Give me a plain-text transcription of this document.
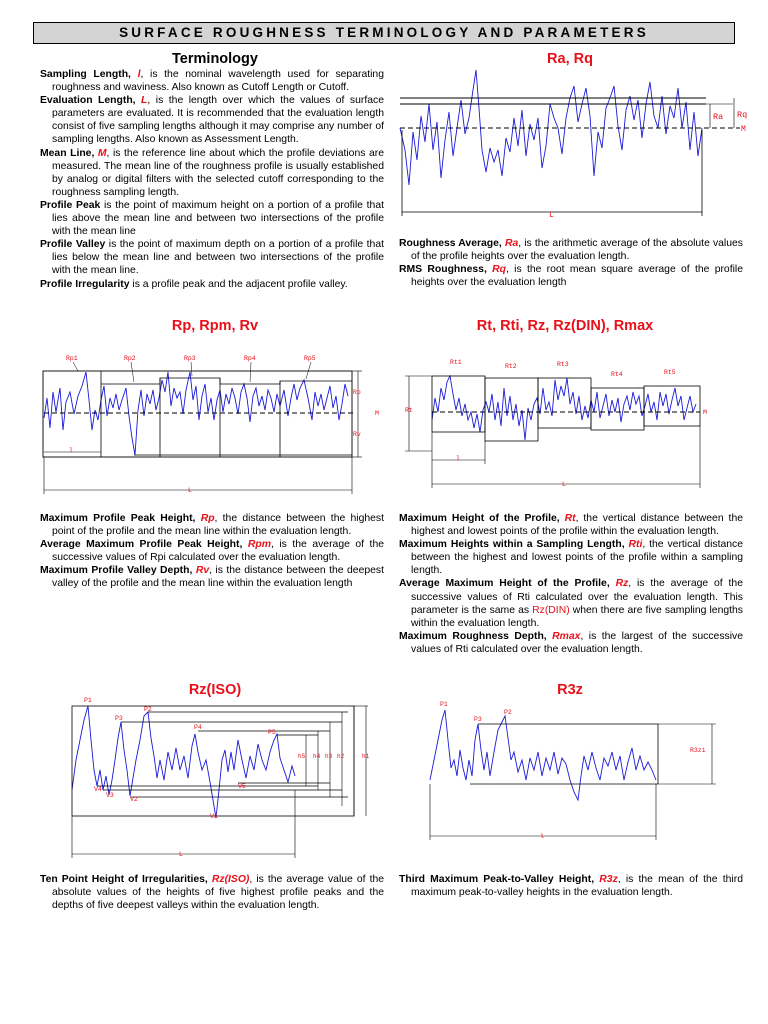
SURFACE ROUGHNESS TERMINOLOGY AND PARAMETERS
Terminology	Ra, Rq
Rp, Rpm, Rv	Rt, Rti, Rz, Rz(DIN), Rmax
Rz(ISO)	R3z

Sampling Length, l, is the nominal wavelength used for separating roughness and waviness. Also known as Cutoff Length or Cutoff.

Evaluation Length, L, is the length over which the values of surface parameters are evaluated. It is recommended that the evaluation length consist of five sampling lengths although it may comprise any number of sampling lengths. Also known as Assessment Length.

Mean Line, M, is the reference line about which the profile deviations are measured. The mean line of the roughness profile is usually established by analog or digital filters with the selected cutoff corresponding to the roughness sampling length.

Profile Peak is the point of maximum height on a portion of a profile that lies above the mean line and between two intersections of the profile with the mean line

Profile Valley is the point of maximum depth on a portion of a profile that lies below the mean line and between two intersections of the profile with the mean line.

Profile Irregularity is a profile peak and the adjacent profile valley.

Roughness Average, Ra, is the arithmetic average of the absolute values of the profile heights over the evaluation length.

RMS Roughness, Rq, is the root mean square average of the profile heights over the evaluation length

Maximum Profile Peak Height, Rp, the distance between the highest point of the profile and the mean line within the evaluation length.

Average Maximum Profile Peak Height, Rpm, is the average of the successive values of Rpi calculated over the evaluation length.

Maximum Profile Valley Depth, Rv, is the distance between the deepest valley of the profile and the mean line within the evaluation length

Maximum Height of the Profile, Rt, the vertical distance between the highest and lowest points of the profile within the evaluation length.

Maximum Heights within a Sampling Length, Rti, the vertical distance between the highest and lowest points of the profile within a sampling length.

Average Maximum Height of the Profile, Rz, is the average of the successive values of Rti calculated over the evaluation length. This parameter is the same as Rz(DIN) when there are five sampling lengths within the evaluation length.

Maximum Roughness Depth, Rmax, is the largest of the successive values of Rti calculated over the evaluation length.

Ten Point Height of Irregularities, Rz(ISO), is the average value of the absolute values of the heights of five highest profile peaks and the depths of five deepest valleys within the evaluation length.

Third Maximum Peak-to-Valley Height, R3z, is the mean of the third maximum peak-to-valley heights in the evaluation length.

Ra Rq
M
L
Rp1	Rp2	Rp3	Rp4	Rp5
Rp
M
Rv
l
L
Rt
Rt1
Rt2	Rt3
Rt4	Rt5
M
l
L
P1
P2
P3
P4
P5
V1
V2
V3
V4	V5
h5 h4 h3 h2	h1
L
R3zi
P1
P2
P3
l
